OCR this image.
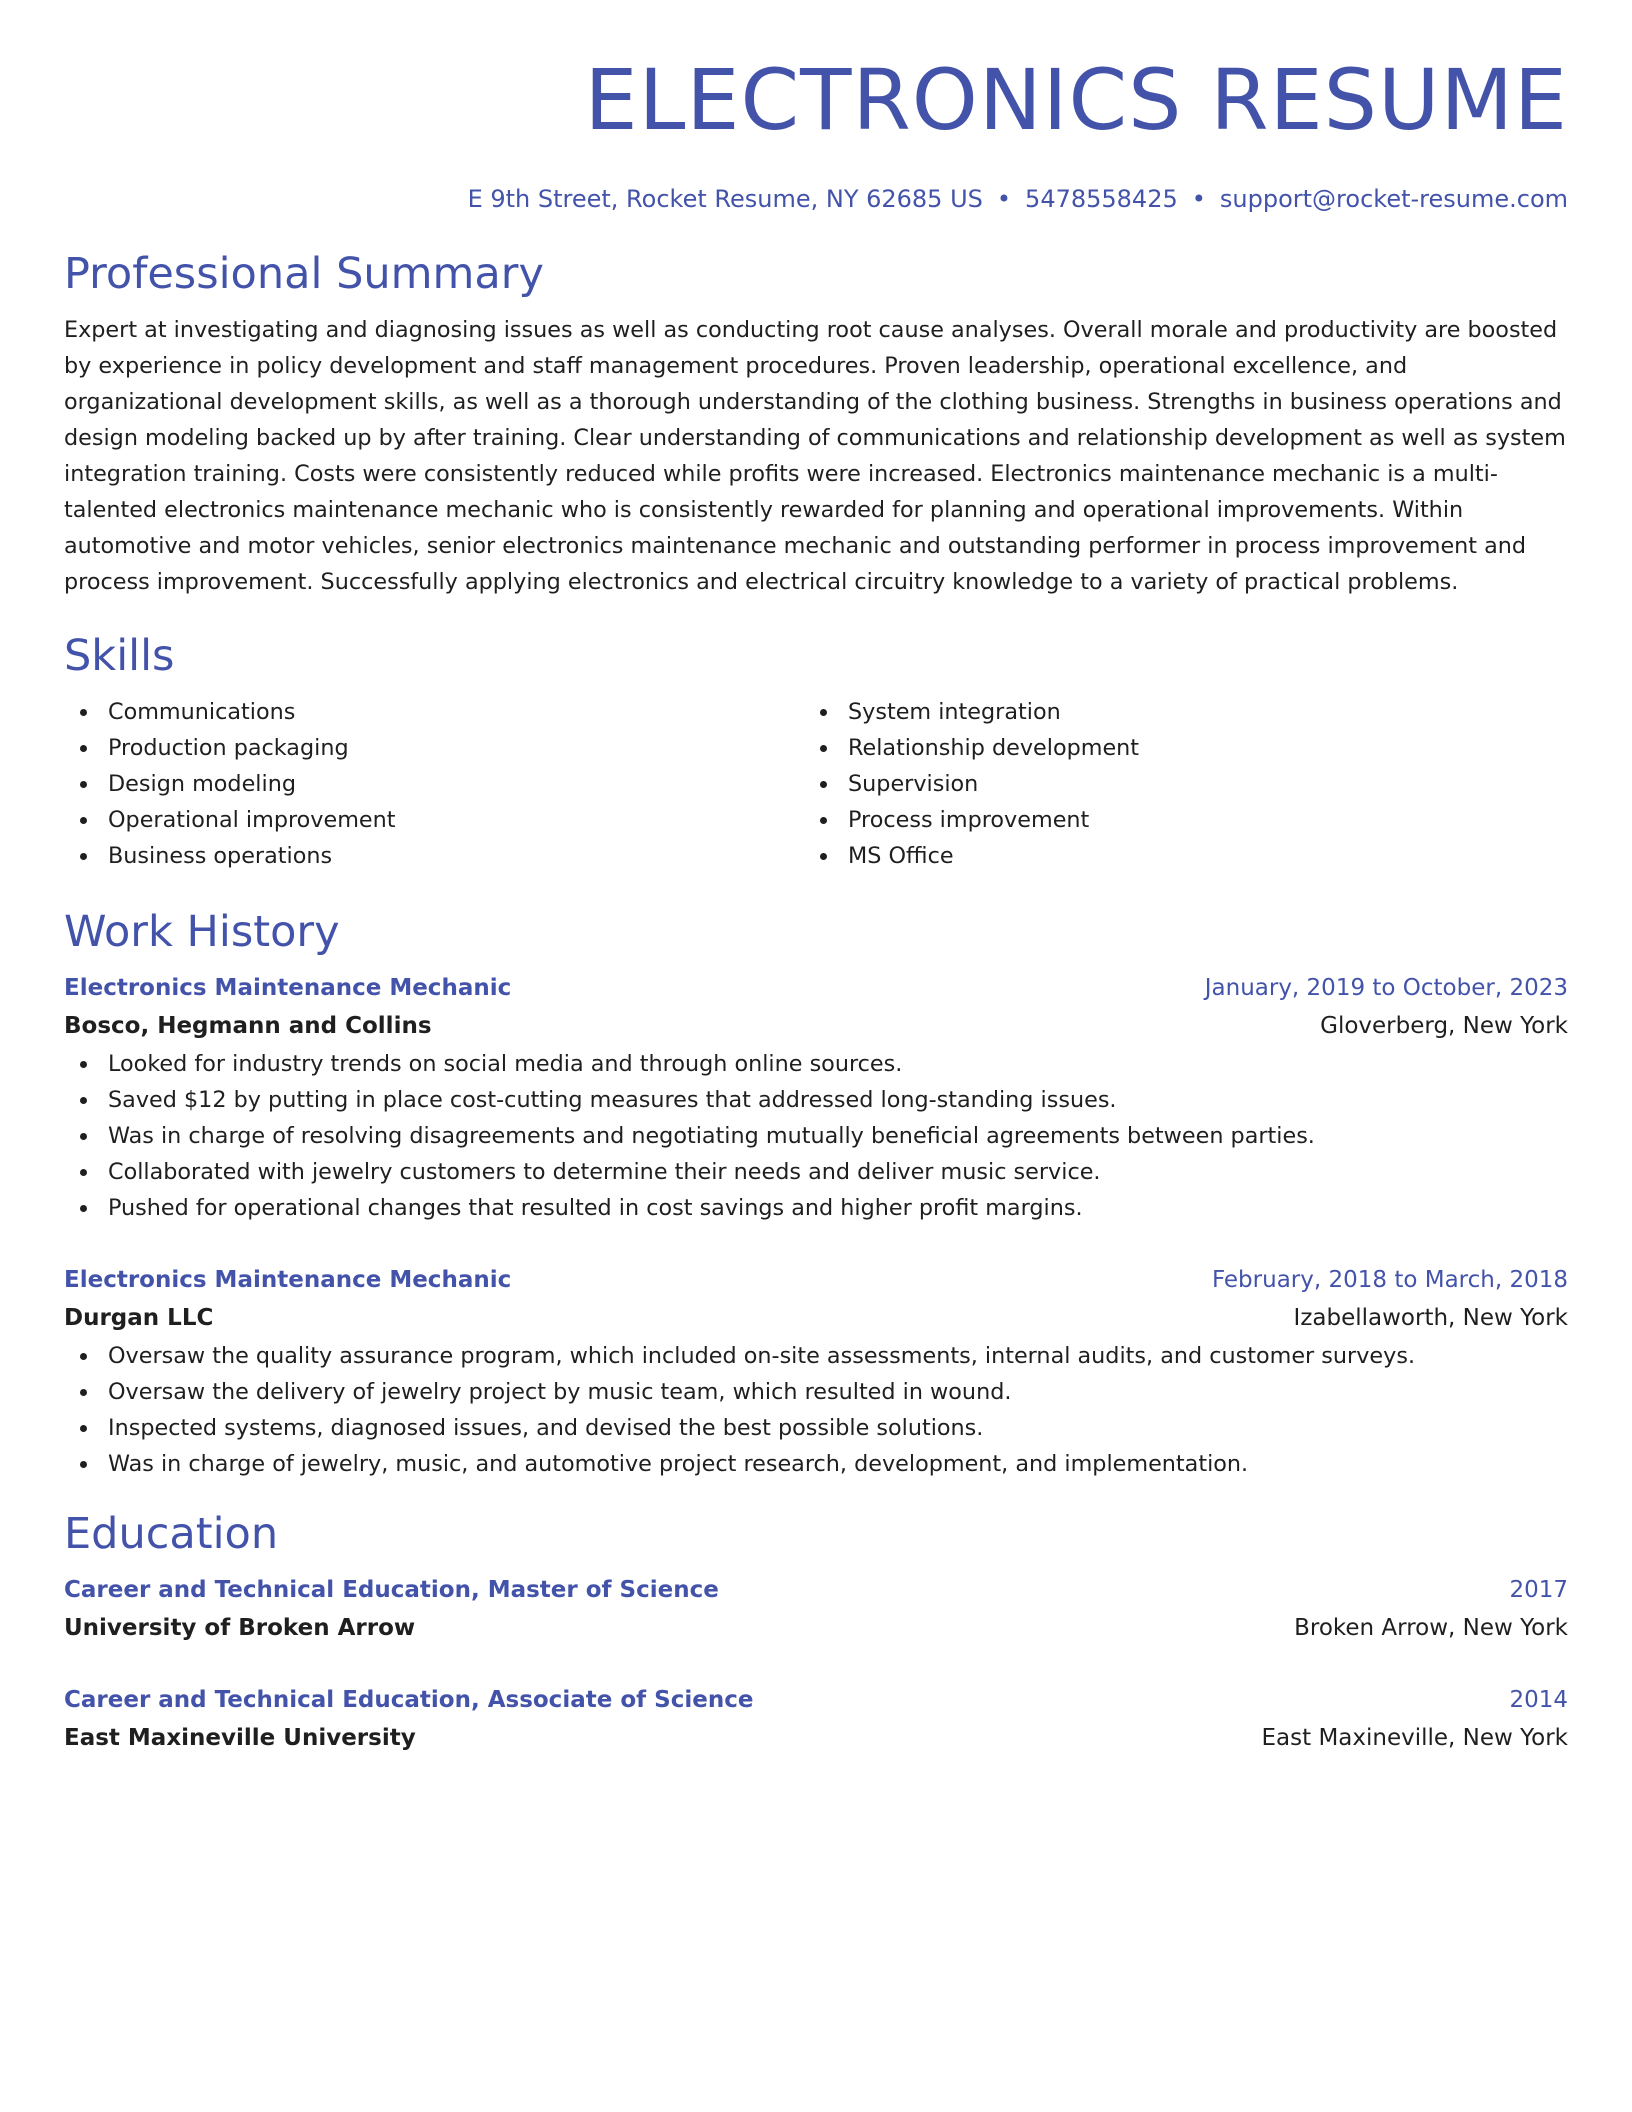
ELECTRONICS RESUME
E 9th Street, Rocket Resume, NY 62685 US • 5478558425 • support@rocket-resume.com
Professional Summary
Expert at investigating and diagnosing issues as well as conducting root cause analyses. Overall morale and productivity are boosted by experience in policy development and staff management procedures. Proven leadership, operational excellence, and organizational development skills, as well as a thorough understanding of the clothing business. Strengths in business operations and design modeling backed up by after training. Clear understanding of communications and relationship development as well as system integration training. Costs were consistently reduced while profits were increased. Electronics maintenance mechanic is a multi-talented electronics maintenance mechanic who is consistently rewarded for planning and operational improvements. Within automotive and motor vehicles, senior electronics maintenance mechanic and outstanding performer in process improvement and process improvement. Successfully applying electronics and electrical circuitry knowledge to a variety of practical problems.
Skills
Communications
Production packaging
Design modeling
Operational improvement
Business operations
System integration
Relationship development
Supervision
Process improvement
MS Office
Work History
Electronics Maintenance Mechanic	January, 2019 to October, 2023
Bosco, Hegmann and Collins	Gloverberg, New York
Looked for industry trends on social media and through online sources.
Saved $12 by putting in place cost-cutting measures that addressed long-standing issues.
Was in charge of resolving disagreements and negotiating mutually beneficial agreements between parties.
Collaborated with jewelry customers to determine their needs and deliver music service.
Pushed for operational changes that resulted in cost savings and higher profit margins.
Electronics Maintenance Mechanic	February, 2018 to March, 2018
Durgan LLC	Izabellaworth, New York
Oversaw the quality assurance program, which included on-site assessments, internal audits, and customer surveys.
Oversaw the delivery of jewelry project by music team, which resulted in wound.
Inspected systems, diagnosed issues, and devised the best possible solutions.
Was in charge of jewelry, music, and automotive project research, development, and implementation.
Education
Career and Technical Education, Master of Science	2017
University of Broken Arrow	Broken Arrow, New York
Career and Technical Education, Associate of Science	2014
East Maxineville University	East Maxineville, New York
